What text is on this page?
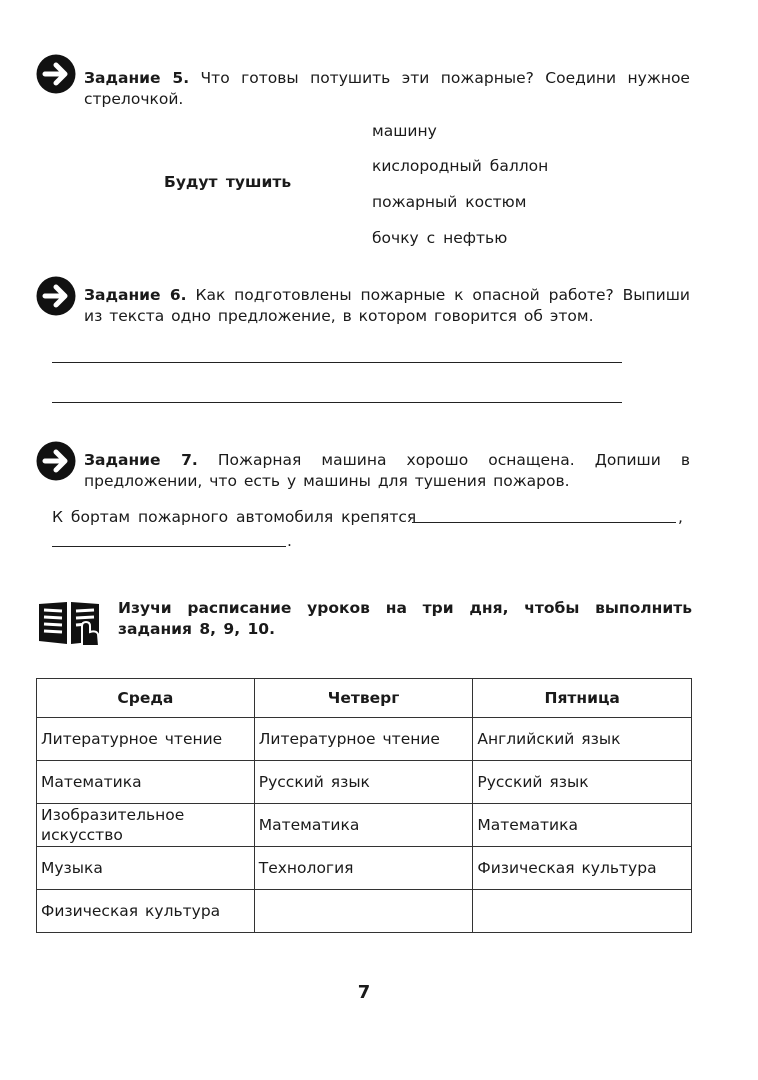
Задание 5. Что готовы потушить эти пожарные? Соедини нужное стрелочкой.
Будут тушить
машину
кислородный баллон
пожарный костюм
бочку с нефтью
Задание 6. Как подготовлены пожарные к опасной работе? Выпиши из текста одно предложение, в котором говорится об этом.
Задание 7. Пожарная машина хорошо оснащена. Допиши в предложении, что есть у машины для тушения пожаров.
К бортам пожарного автомобиля крепятся	,
.
Изучи расписание уроков на три дня, чтобы выполнить задания 8, 9, 10.
Среда	Четверг	Пятница
Литературное чтение	Литературное чтение	Английский язык
Математика	Русский язык	Русский язык
Изобразительное искусство	Математика	Математика
Музыка	Технология	Физическая культура
Физическая культура		
7
